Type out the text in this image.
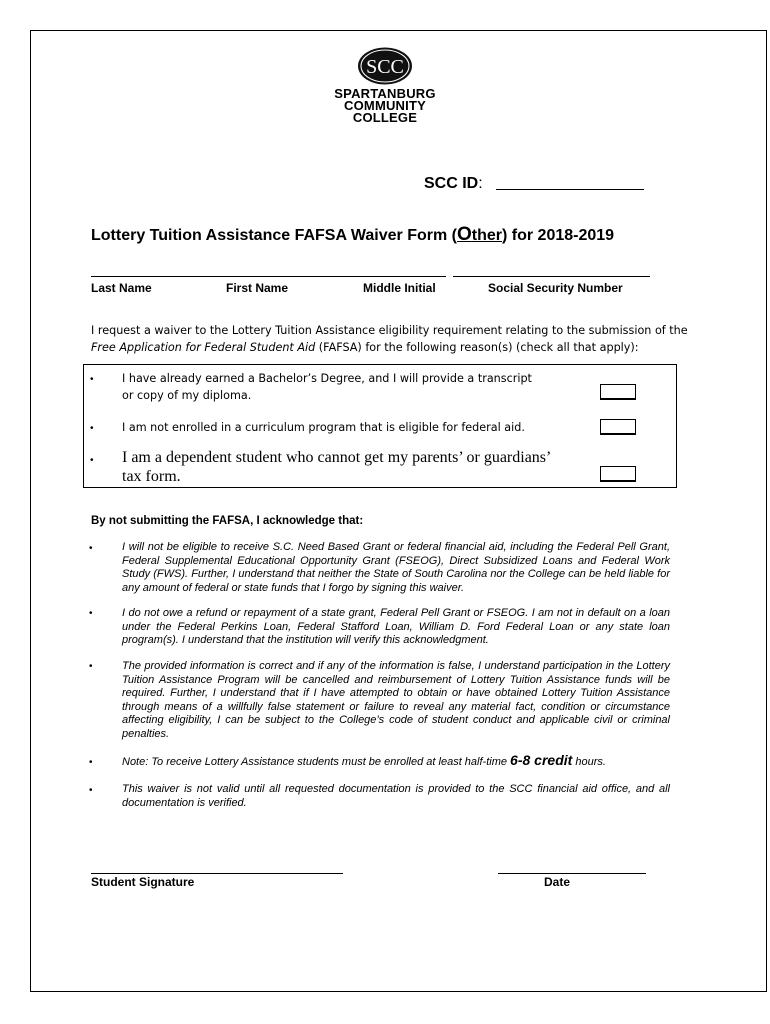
SCC
SPARTANBURG
COMMUNITY
COLLEGE
SCC ID:
Lottery Tuition Assistance FAFSA Waiver Form (Other) for 2018-2019
Last Name	First Name	Middle Initial	Social Security Number
I request a waiver to the Lottery Tuition Assistance eligibility requirement relating to the submission of the Free Application for Federal Student Aid (FAFSA) for the following reason(s) (check all that apply):
•	I have already earned a Bachelor’s Degree, and I will provide a transcript
or copy of my diploma.
•	I am not enrolled in a curriculum program that is eligible for federal aid.
• I am a dependent student who cannot get my parents’ or guardians’
tax form.
By not submitting the FAFSA, I acknowledge that:
•	I will not be eligible to receive S.C. Need Based Grant or federal financial aid, including the Federal Pell Grant, Federal Supplemental Educational Opportunity Grant (FSEOG), Direct Subsidized Loans and Federal Work Study (FWS). Further, I understand that neither the State of South Carolina nor the College can be held liable for any amount of federal or state funds that I forgo by signing this waiver.
•	I do not owe a refund or repayment of a state grant, Federal Pell Grant or FSEOG. I am not in default on a loan under the Federal Perkins Loan, Federal Stafford Loan, William D. Ford Federal Loan or any state loan program(s). I understand that the institution will verify this acknowledgment.
•	The provided information is correct and if any of the information is false, I understand participation in the Lottery Tuition Assistance Program will be cancelled and reimbursement of Lottery Tuition Assistance funds will be required. Further, I understand that if I have attempted to obtain or have obtained Lottery Tuition Assistance through means of a willfully false statement or failure to reveal any material fact, condition or circumstance affecting eligibility, I can be subject to the College’s code of student conduct and applicable civil or criminal penalties.
•	Note: To receive Lottery Assistance students must be enrolled at least half-time 6-8 credit hours.
•	This waiver is not valid until all requested documentation is provided to the SCC financial aid office, and all documentation is verified.
Student Signature	Date
